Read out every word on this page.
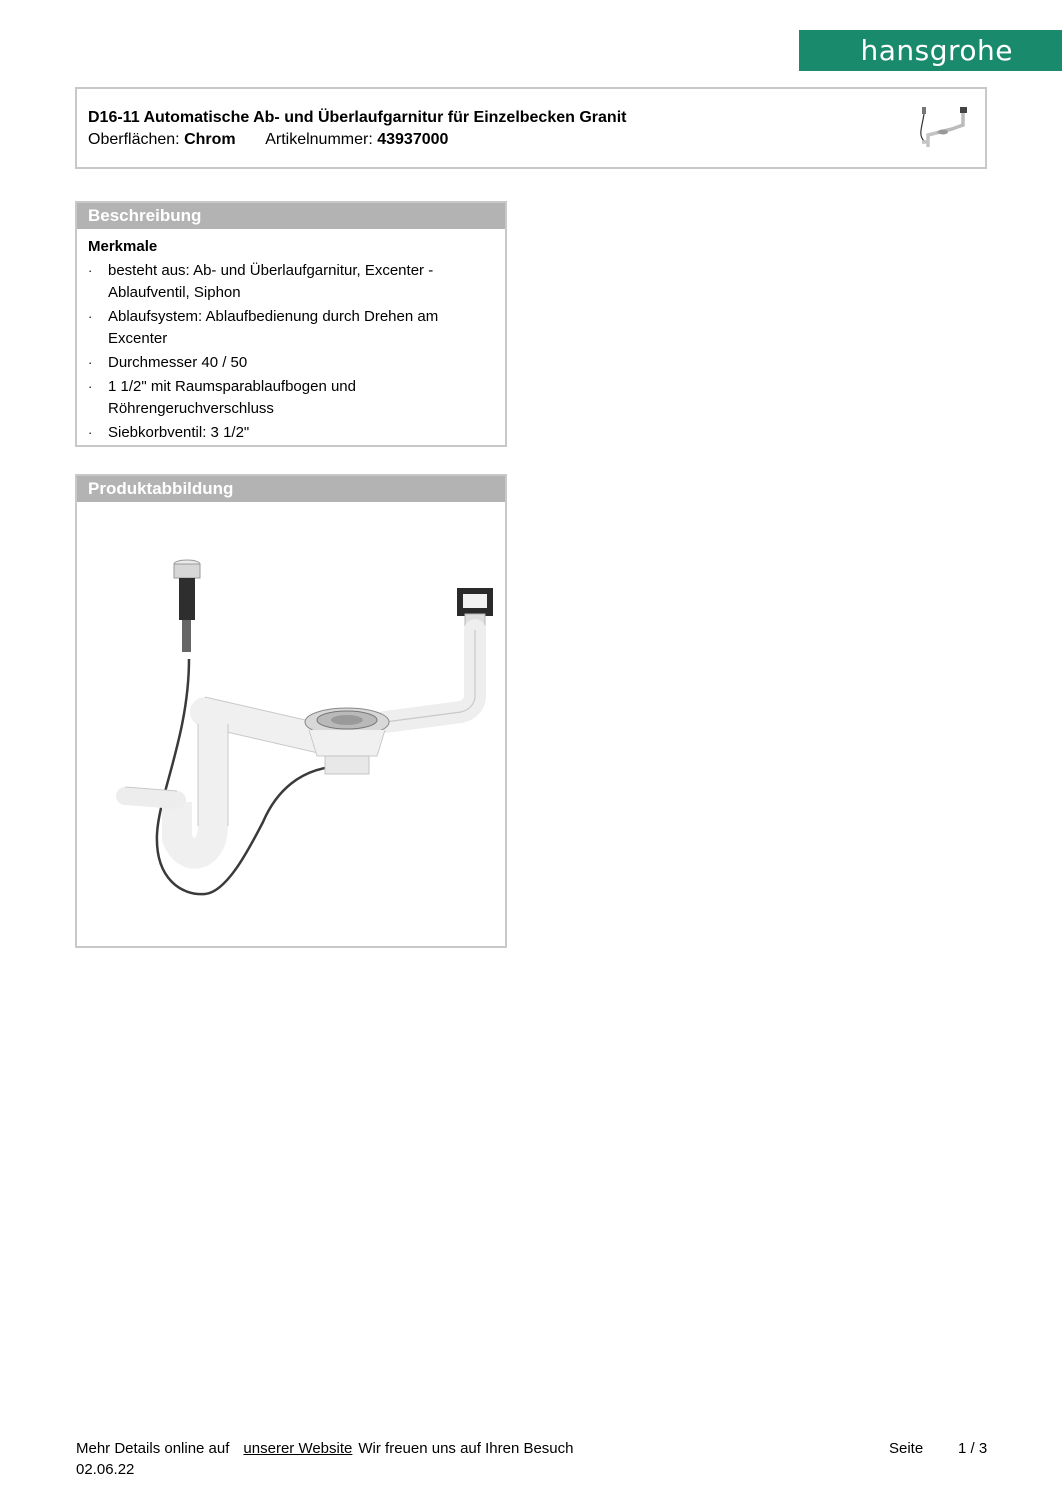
hansgrohe
D16-11 Automatische Ab- und Überlaufgarnitur für Einzelbecken Granit
Oberflächen: Chrom Artikelnummer: 43937000
Beschreibung
Merkmale
· besteht aus: Ab- und Überlaufgarnitur, Excenter - Ablaufventil, Siphon
· Ablaufsystem: Ablaufbedienung durch Drehen am Excenter
· Durchmesser 40 / 50
· 1 1/2" mit Raumsparablaufbogen und Röhrengeruchverschluss
· Siebkorbventil: 3 1/2"
Produktabbildung
Mehr Details online auf unserer Website Wir freuen uns auf Ihren Besuch	Seite 1 / 3
02.06.22
